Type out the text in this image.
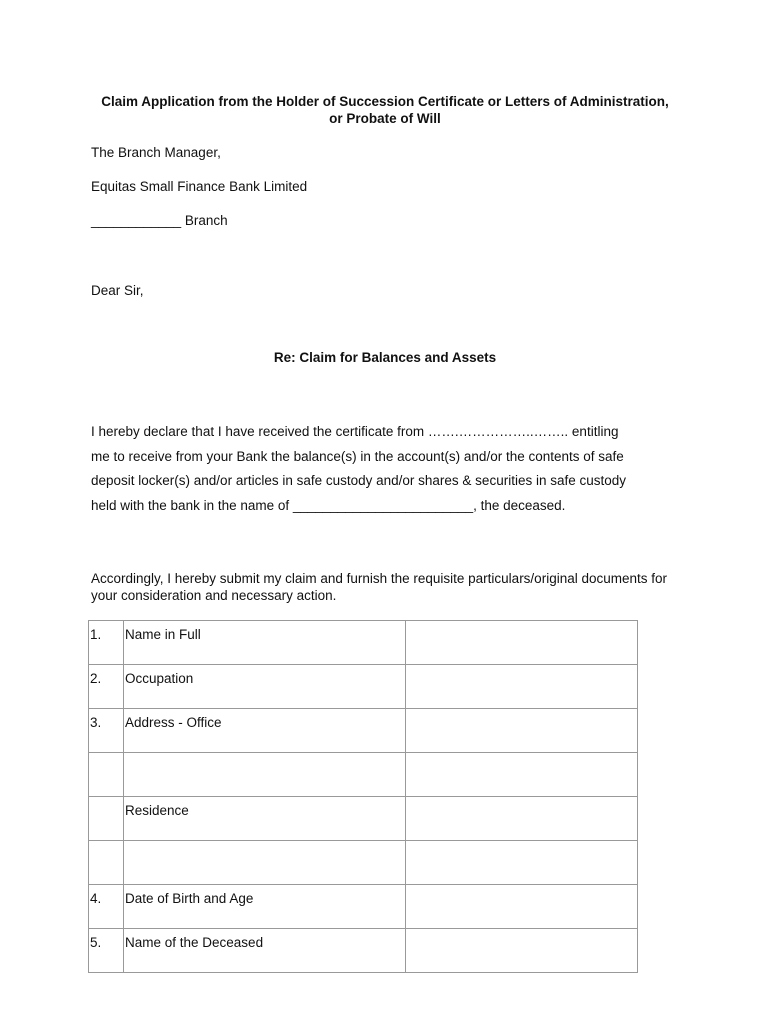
Claim Application from the Holder of Succession Certificate or Letters of Administration,
or Probate of Will
The Branch Manager,
Equitas Small Finance Bank Limited
____________ Branch
Dear Sir,
Re: Claim for Balances and Assets

I hereby declare that I have received the certificate from …….……………..…….. entitling

me to receive from your Bank the balance(s) in the account(s) and/or the contents of safe

deposit locker(s) and/or articles in safe custody and/or shares & securities in safe custody

held with the bank in the name of ________________________, the deceased.

Accordingly, I hereby submit my claim and furnish the requisite particulars/original documents for

your consideration and necessary action.

1.	Name in Full	
2.	Occupation	
3.	Address - Office	

	Residence	

4.	Date of Birth and Age	
5.	Name of the Deceased	
